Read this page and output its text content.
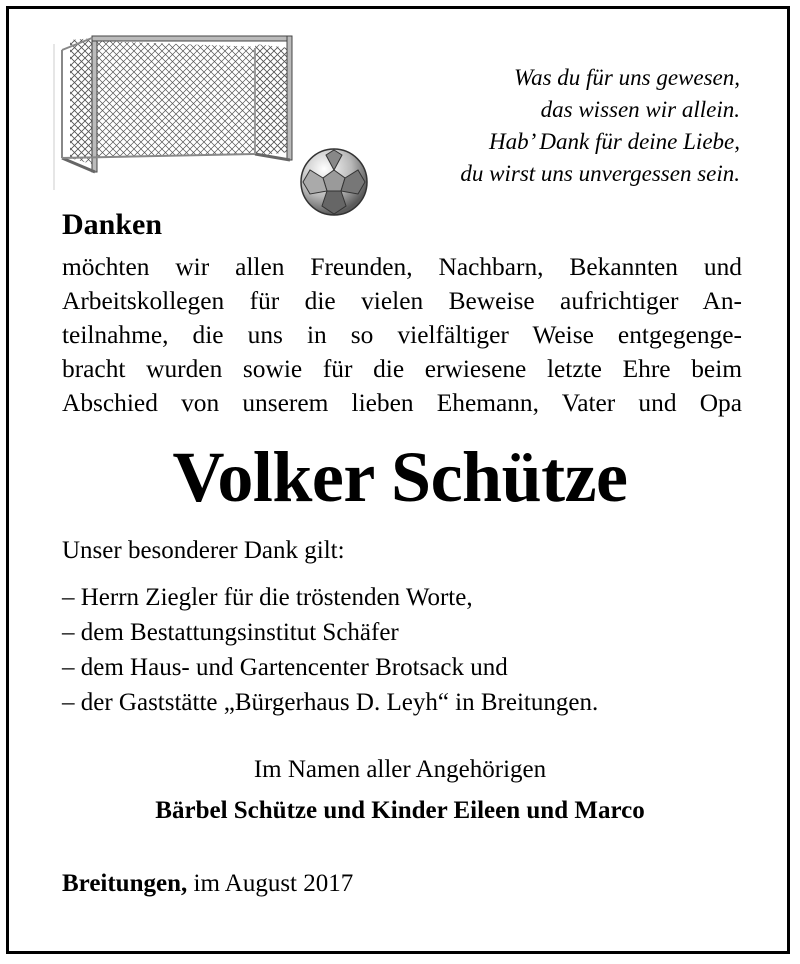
Was du für uns gewesen,
das wissen wir allein.
Hab’ Dank für deine Liebe,
du wirst uns unvergessen sein.
Danken
möchten wir allen Freunden, Nachbarn, Bekannten und
Arbeitskollegen für die vielen Beweise aufrichtiger An-
teilnahme, die uns in so vielfältiger Weise entgegenge-
bracht wurden sowie für die erwiesene letzte Ehre beim
Abschied von unserem lieben Ehemann, Vater und Opa
Volker Schütze
Unser besonderer Dank gilt:
– Herrn Ziegler für die tröstenden Worte,
– dem Bestattungsinstitut Schäfer
– dem Haus- und Gartencenter Brotsack und
– der Gaststätte „Bürgerhaus D. Leyh“ in Breitungen.
Im Namen aller Angehörigen
Bärbel Schütze und Kinder Eileen und Marco
Breitungen, im August 2017
